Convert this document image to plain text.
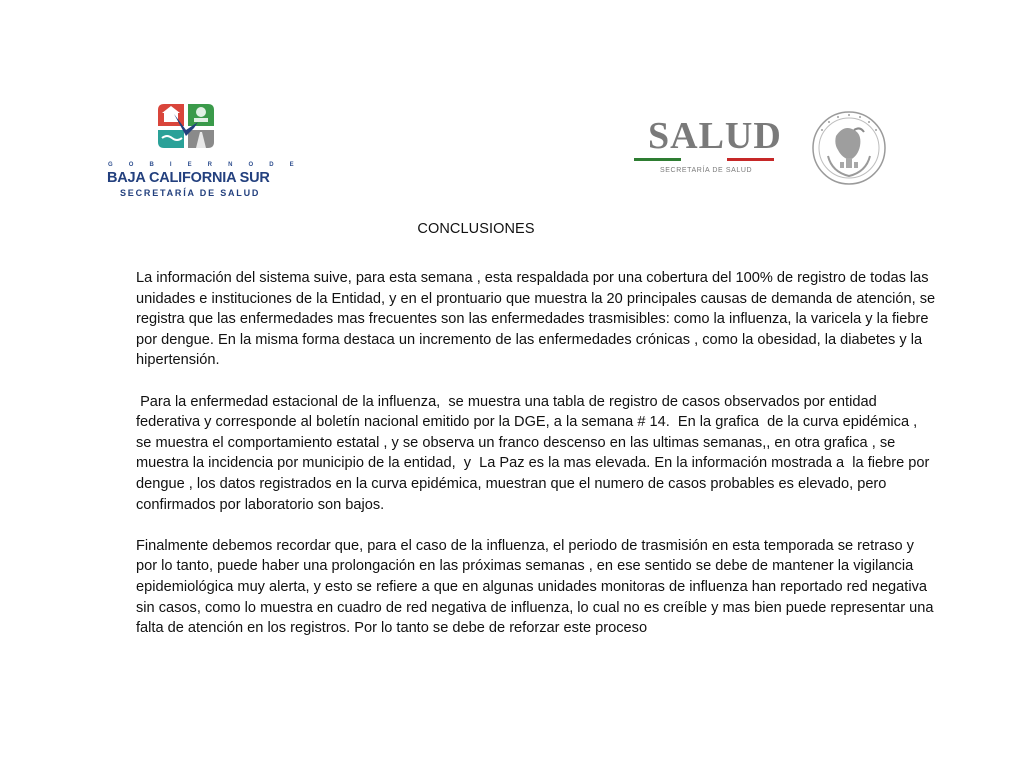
G O B I E R N O D E
BAJA CALIFORNIA SUR
SECRETARÍA DE SALUD
SALUD
SECRETARÍA DE SALUD
CONCLUSIONES

La información del sistema suive, para esta semana , esta respaldada por una cobertura del 100% de registro de todas las unidades e instituciones de la Entidad, y en el prontuario que muestra la 20 principales causas de demanda de atención, se registra que las enfermedades mas frecuentes son las enfermedades trasmisibles: como la influenza, la varicela y la fiebre por dengue. En la misma forma destaca un incremento de las enfermedades crónicas , como la obesidad, la diabetes y la hipertensión.

Para la enfermedad estacional de la influenza,  se muestra una tabla de registro de casos observados por entidad federativa y corresponde al boletín nacional emitido por la DGE, a la semana # 14.  En la grafica  de la curva epidémica , se muestra el comportamiento estatal , y se observa un franco descenso en las ultimas semanas,, en otra grafica , se muestra la incidencia por municipio de la entidad,  y  La Paz es la mas elevada. En la información mostrada a  la fiebre por dengue , los datos registrados en la curva epidémica, muestran que el numero de casos probables es elevado, pero confirmados por laboratorio son bajos.

Finalmente debemos recordar que, para el caso de la influenza, el periodo de trasmisión en esta temporada se retraso y por lo tanto, puede haber una prolongación en las próximas semanas , en ese sentido se debe de mantener la vigilancia epidemiológica muy alerta, y esto se refiere a que en algunas unidades monitoras de influenza han reportado red negativa sin casos, como lo muestra en cuadro de red negativa de influenza, lo cual no es creíble y mas bien puede representar una falta de atención en los registros. Por lo tanto se debe de reforzar este proceso
